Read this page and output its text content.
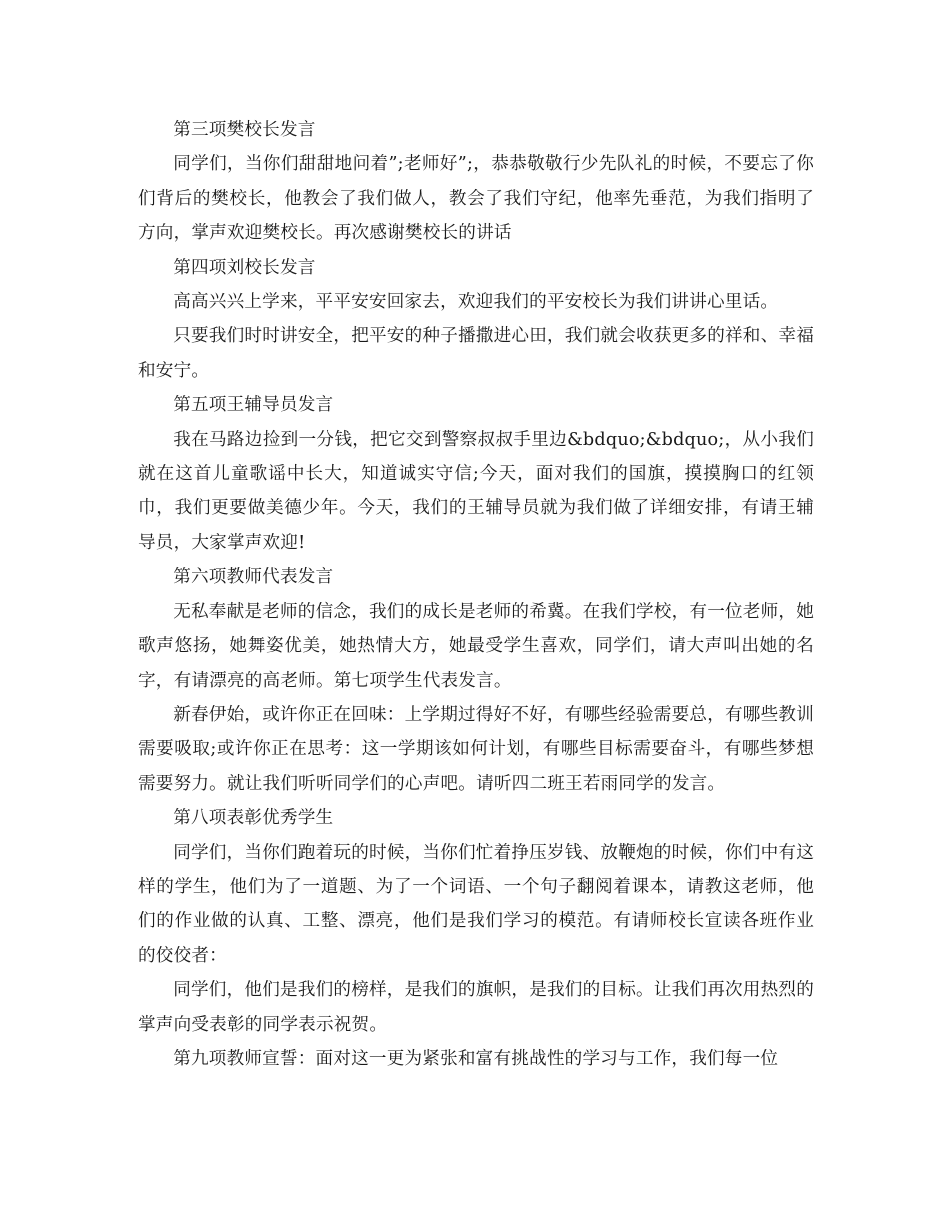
第三项樊校长发言

同学们，当你们甜甜地问着”;老师好”;，恭恭敬敬行少先队礼的时候，不要忘了你们背后的樊校长，他教会了我们做人，教会了我们守纪，他率先垂范，为我们指明了方向，掌声欢迎樊校长。再次感谢樊校长的讲话

第四项刘校长发言

高高兴兴上学来，平平安安回家去，欢迎我们的平安校长为我们讲讲心里话。

只要我们时时讲安全，把平安的种子播撒进心田，我们就会收获更多的祥和、幸福和安宁。

第五项王辅导员发言

我在马路边捡到一分钱，把它交到警察叔叔手里边&bdquo;&bdquo;，从小我们就在这首儿童歌谣中长大，知道诚实守信;今天，面对我们的国旗，摸摸胸口的红领巾，我们更要做美德少年。今天，我们的王辅导员就为我们做了详细安排，有请王辅导员，大家掌声欢迎!

第六项教师代表发言

无私奉献是老师的信念，我们的成长是老师的希冀。在我们学校，有一位老师，她歌声悠扬，她舞姿优美，她热情大方，她最受学生喜欢，同学们，请大声叫出她的名字，有请漂亮的高老师。第七项学生代表发言。

新春伊始，或许你正在回味：上学期过得好不好，有哪些经验需要总，有哪些教训需要吸取;或许你正在思考：这一学期该如何计划，有哪些目标需要奋斗，有哪些梦想需要努力。就让我们听听同学们的心声吧。请听四二班王若雨同学的发言。

第八项表彰优秀学生

同学们，当你们跑着玩的时候，当你们忙着挣压岁钱、放鞭炮的时候，你们中有这样的学生，他们为了一道题、为了一个词语、一个句子翻阅着课本，请教这老师，他们的作业做的认真、工整、漂亮，他们是我们学习的模范。有请师校长宣读各班作业的佼佼者：

同学们，他们是我们的榜样，是我们的旗帜，是我们的目标。让我们再次用热烈的掌声向受表彰的同学表示祝贺。

第九项教师宣誓：面对这一更为紧张和富有挑战性的学习与工作，我们每一位
